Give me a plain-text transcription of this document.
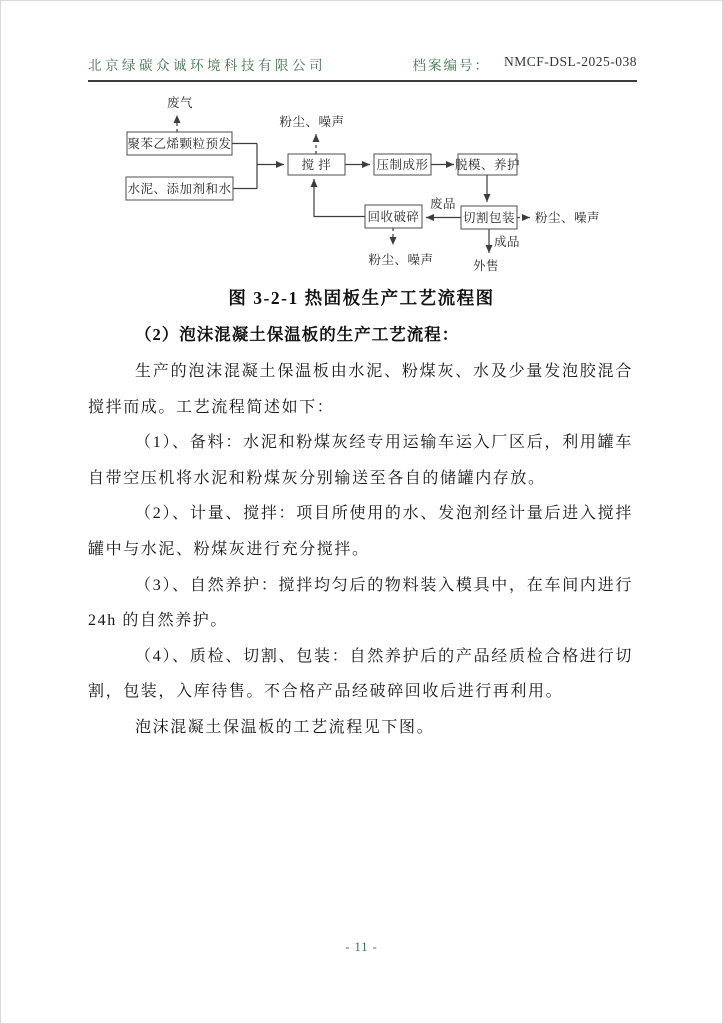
北京绿碳众诚环境科技有限公司	档案编号： NMCF-DSL-2025-038
聚苯乙烯颗粒预发
水泥、添加剂和水
搅 拌	压制成形 脱模、养护
回收破碎	切割包装
废气
粉尘、噪声
废品
粉尘、噪声
成品
外售
粉尘、噪声
图 3-2-1 热固板生产工艺流程图
（2）泡沫混凝土保温板的生产工艺流程：

生产的泡沫混凝土保温板由水泥、粉煤灰、水及少量发泡胶混合搅拌而成。工艺流程简述如下：

（1）、备料：水泥和粉煤灰经专用运输车运入厂区后，利用罐车自带空压机将水泥和粉煤灰分别输送至各自的储罐内存放。

（2）、计量、搅拌：项目所使用的水、发泡剂经计量后进入搅拌罐中与水泥、粉煤灰进行充分搅拌。

（3）、自然养护：搅拌均匀后的物料装入模具中，在车间内进行 24h 的自然养护。

（4）、质检、切割、包装：自然养护后的产品经质检合格进行切割，包装，入库待售。不合格产品经破碎回收后进行再利用。

泡沫混凝土保温板的工艺流程见下图。

- 11 -
